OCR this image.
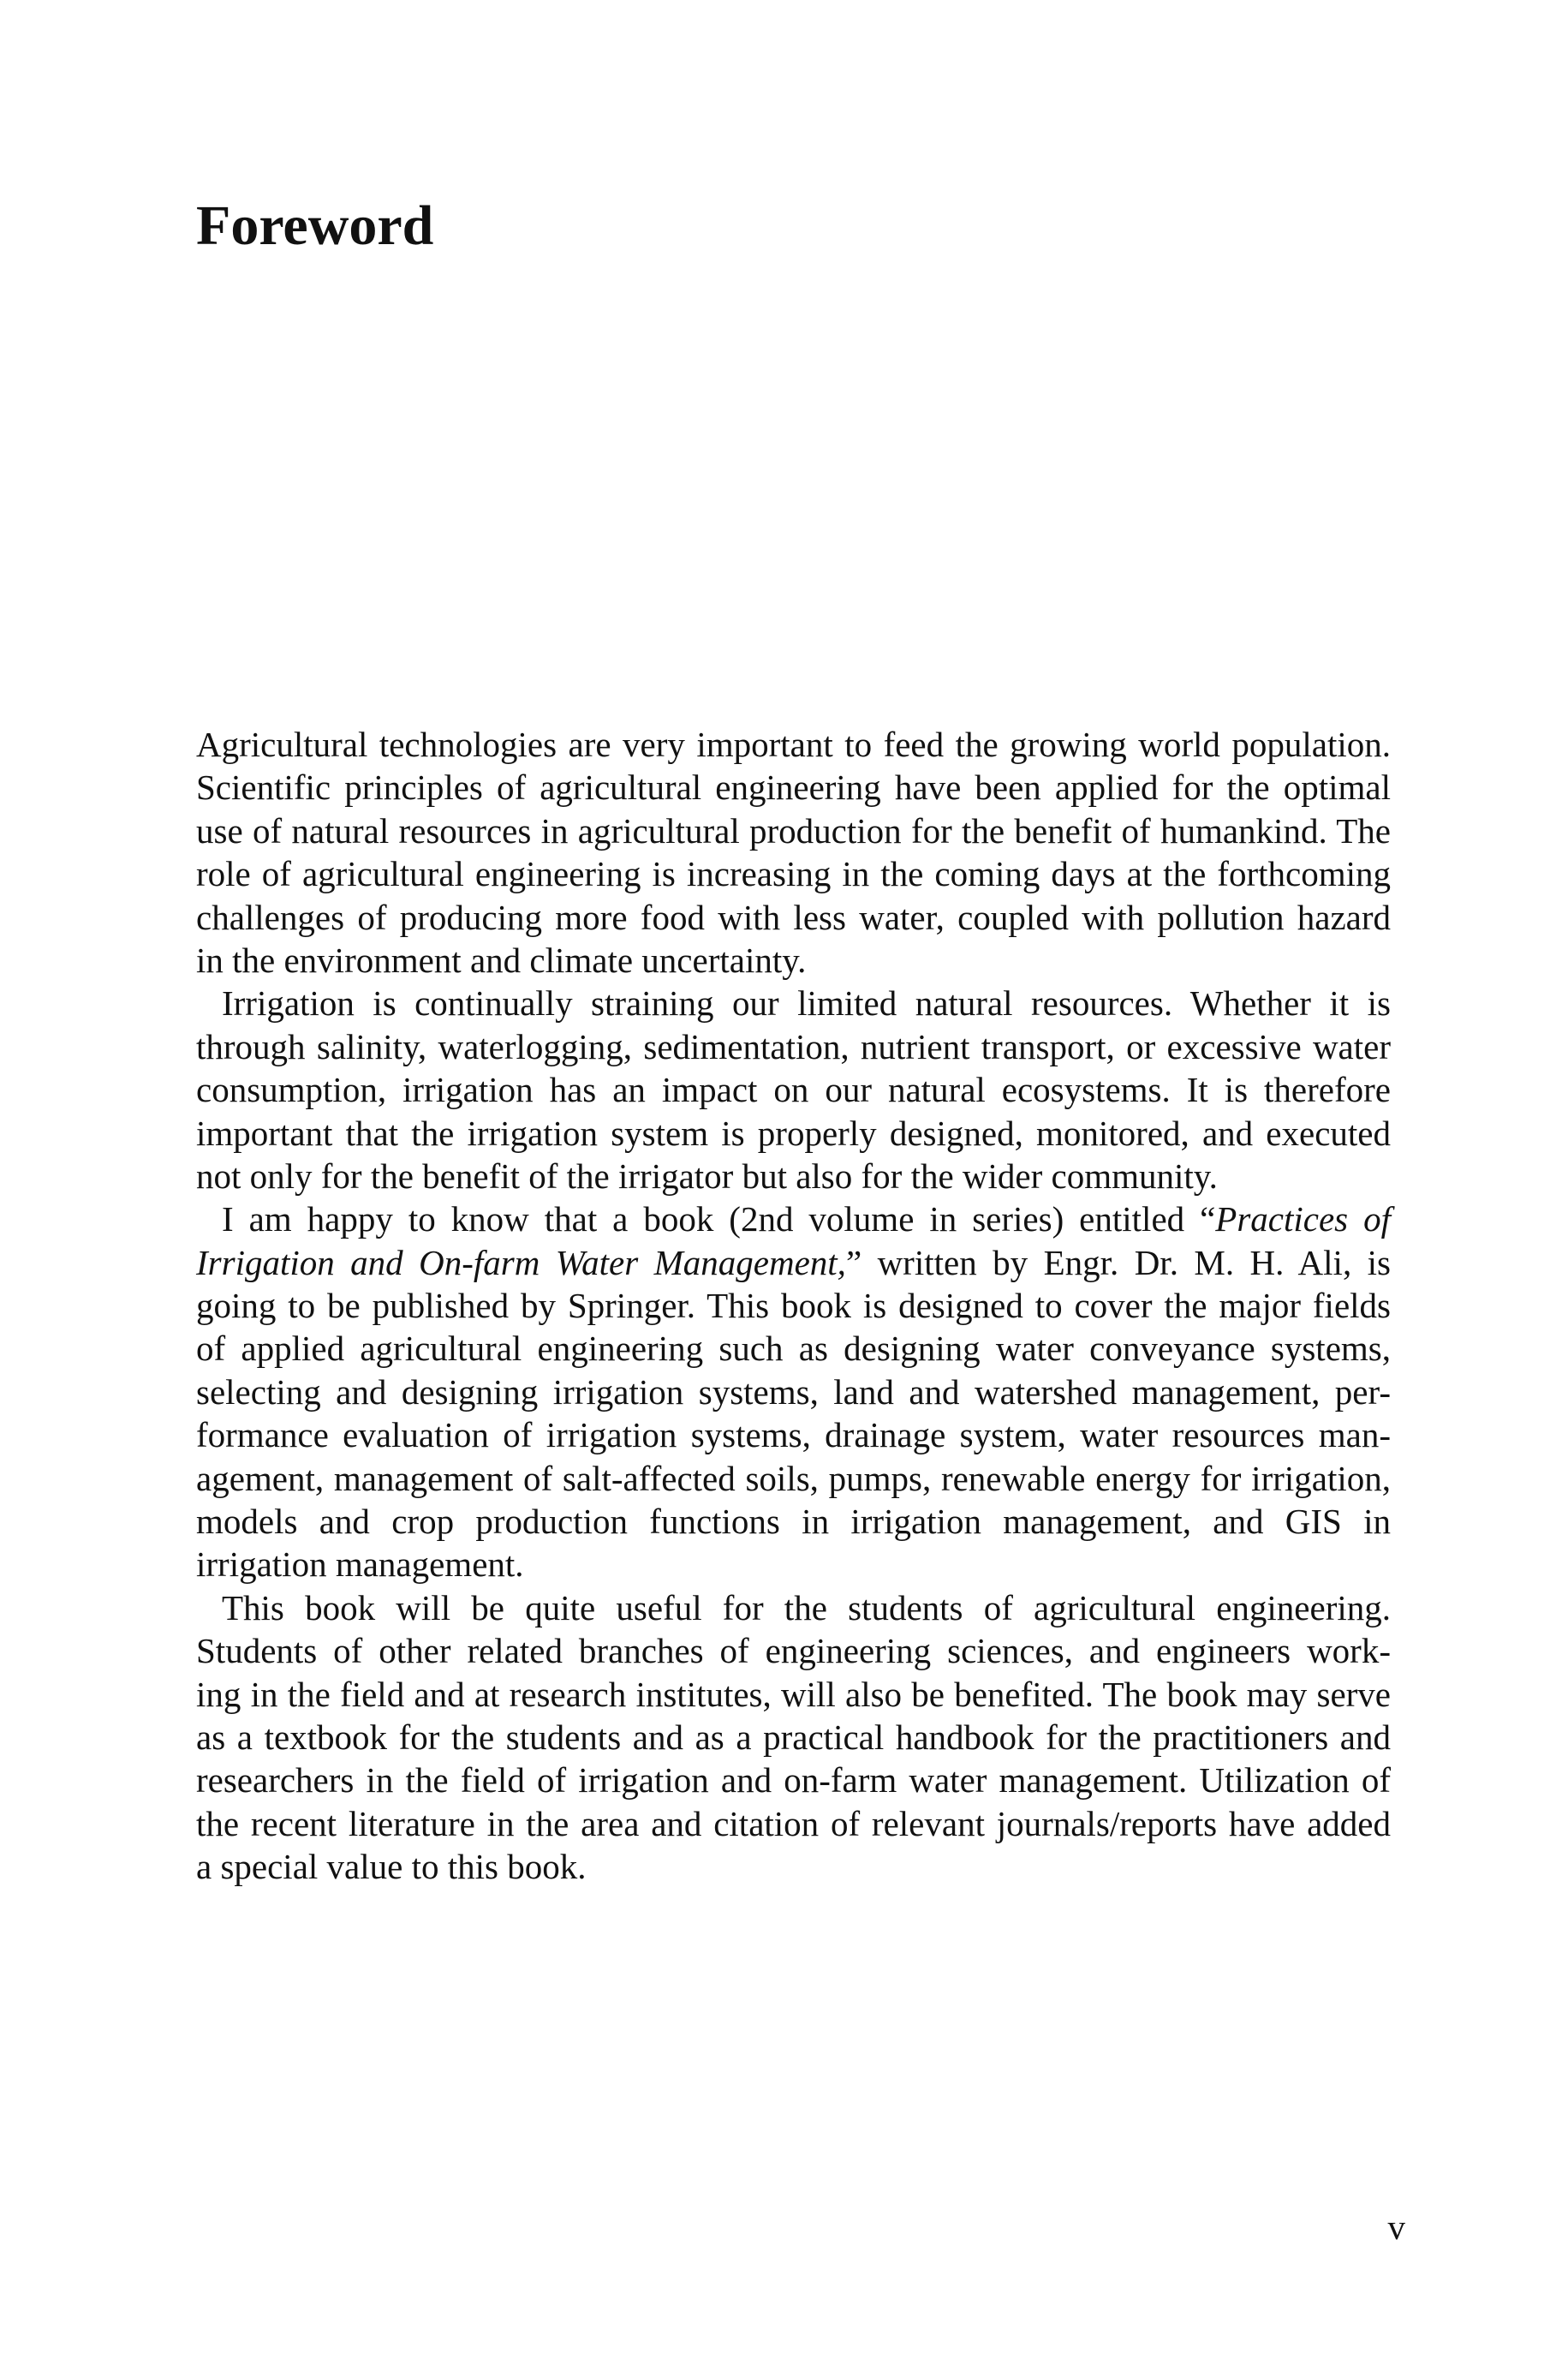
Foreword
Agricultural technologies are very important to feed the growing world population.
Scientific principles of agricultural engineering have been applied for the optimal
use of natural resources in agricultural production for the benefit of humankind. The
role of agricultural engineering is increasing in the coming days at the forthcoming
challenges of producing more food with less water, coupled with pollution hazard
in the environment and climate uncertainty.
Irrigation is continually straining our limited natural resources. Whether it is
through salinity, waterlogging, sedimentation, nutrient transport, or excessive water
consumption, irrigation has an impact on our natural ecosystems. It is therefore
important that the irrigation system is properly designed, monitored, and executed
not only for the benefit of the irrigator but also for the wider community.
I am happy to know that a book (2nd volume in series) entitled “Practices of
Irrigation and On-farm Water Management,” written by Engr. Dr. M. H. Ali, is
going to be published by Springer. This book is designed to cover the major fields
of applied agricultural engineering such as designing water conveyance systems,
selecting and designing irrigation systems, land and watershed management, per-
formance evaluation of irrigation systems, drainage system, water resources man-
agement, management of salt-affected soils, pumps, renewable energy for irrigation,
models and crop production functions in irrigation management, and GIS in
irrigation management.
This book will be quite useful for the students of agricultural engineering.
Students of other related branches of engineering sciences, and engineers work-
ing in the field and at research institutes, will also be benefited. The book may serve
as a textbook for the students and as a practical handbook for the practitioners and
researchers in the field of irrigation and on-farm water management. Utilization of
the recent literature in the area and citation of relevant journals/reports have added
a special value to this book.
v
